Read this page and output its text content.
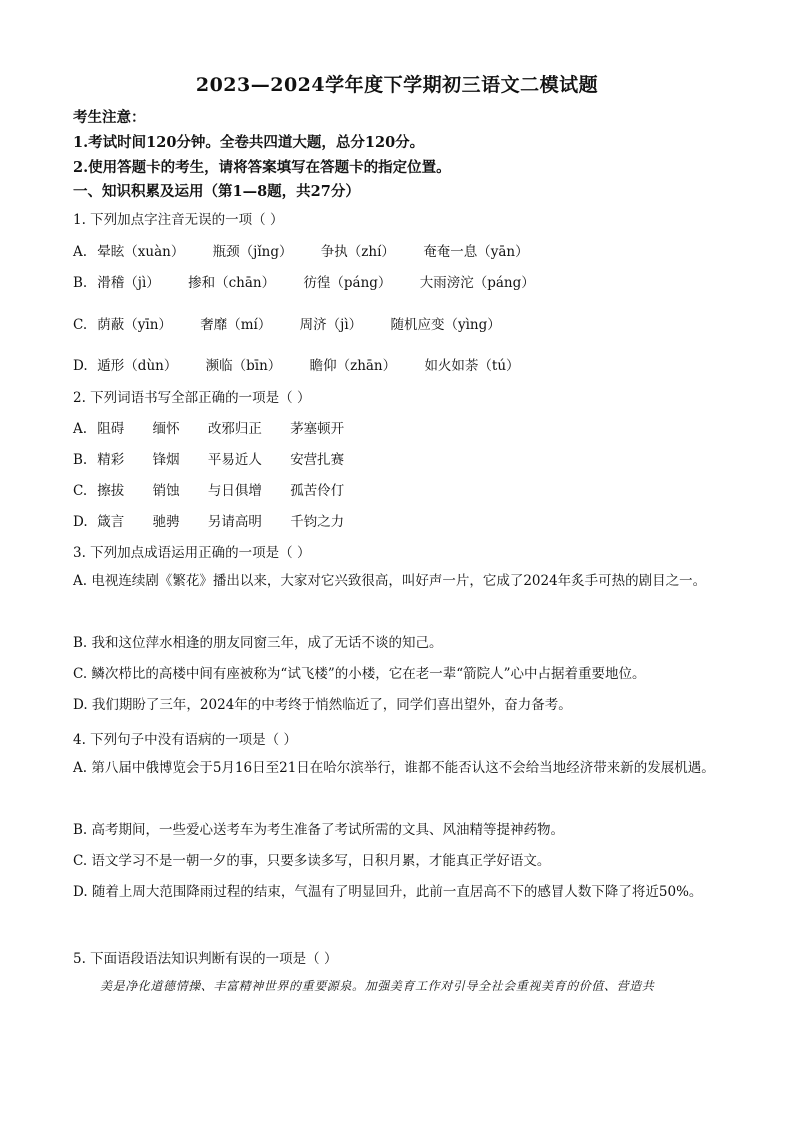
2023—2024学年度下学期初三语文二模试题
考生注意：
1.考试时间120分钟。全卷共四道大题，总分120分。
2.使用答题卡的考生，请将答案填写在答题卡的指定位置。
一、知识积累及运用（第1—8题，共27分）
1. 下列加点字注音无误的一项（ ）
A. 晕眩（xuàn） 瓶颈（jǐng） 争执（zhí） 奄奄一息（yān）
B. 滑稽（jì） 掺和（chān） 彷徨（páng） 大雨滂沱（páng）
C. 荫蔽（yīn） 奢靡（mí） 周济（jì） 随机应变（yìng）
D. 遁形（dùn） 濒临（bīn） 瞻仰（zhān） 如火如荼（tú）
2. 下列词语书写全部正确的一项是（ ）
A. 阻碍 缅怀 改邪归正 茅塞顿开
B. 精彩 锋烟 平易近人 安营扎赛
C. 擦拔 销蚀 与日俱增 孤苦伶仃
D. 箴言 驰骋 另请高明 千钧之力
3. 下列加点成语运用正确的一项是（ ）
A. 电视连续剧《繁花》播出以来，大家对它兴致很高，叫好声一片，它成了2024年炙手可热的剧目之一。
B. 我和这位萍水相逢的朋友同窗三年，成了无话不谈的知己。
C. 鳞次栉比的高楼中间有座被称为“试飞楼”的小楼，它在老一辈“箭院人”心中占据着重要地位。
D. 我们期盼了三年，2024年的中考终于悄然临近了，同学们喜出望外，奋力备考。
4. 下列句子中没有语病的一项是（ ）
A. 第八届中俄博览会于5月16日至21日在哈尔滨举行，谁都不能否认这不会给当地经济带来新的发展机遇。
B. 高考期间，一些爱心送考车为考生准备了考试所需的文具、风油精等提神药物。
C. 语文学习不是一朝一夕的事，只要多读多写，日积月累，才能真正学好语文。
D. 随着上周大范围降雨过程的结束，气温有了明显回升，此前一直居高不下的感冒人数下降了将近50%。
5. 下面语段语法知识判断有误的一项是（ ）
美是净化道德情操、丰富精神世界的重要源泉。加强美育工作对引导全社会重视美育的价值、营造共
